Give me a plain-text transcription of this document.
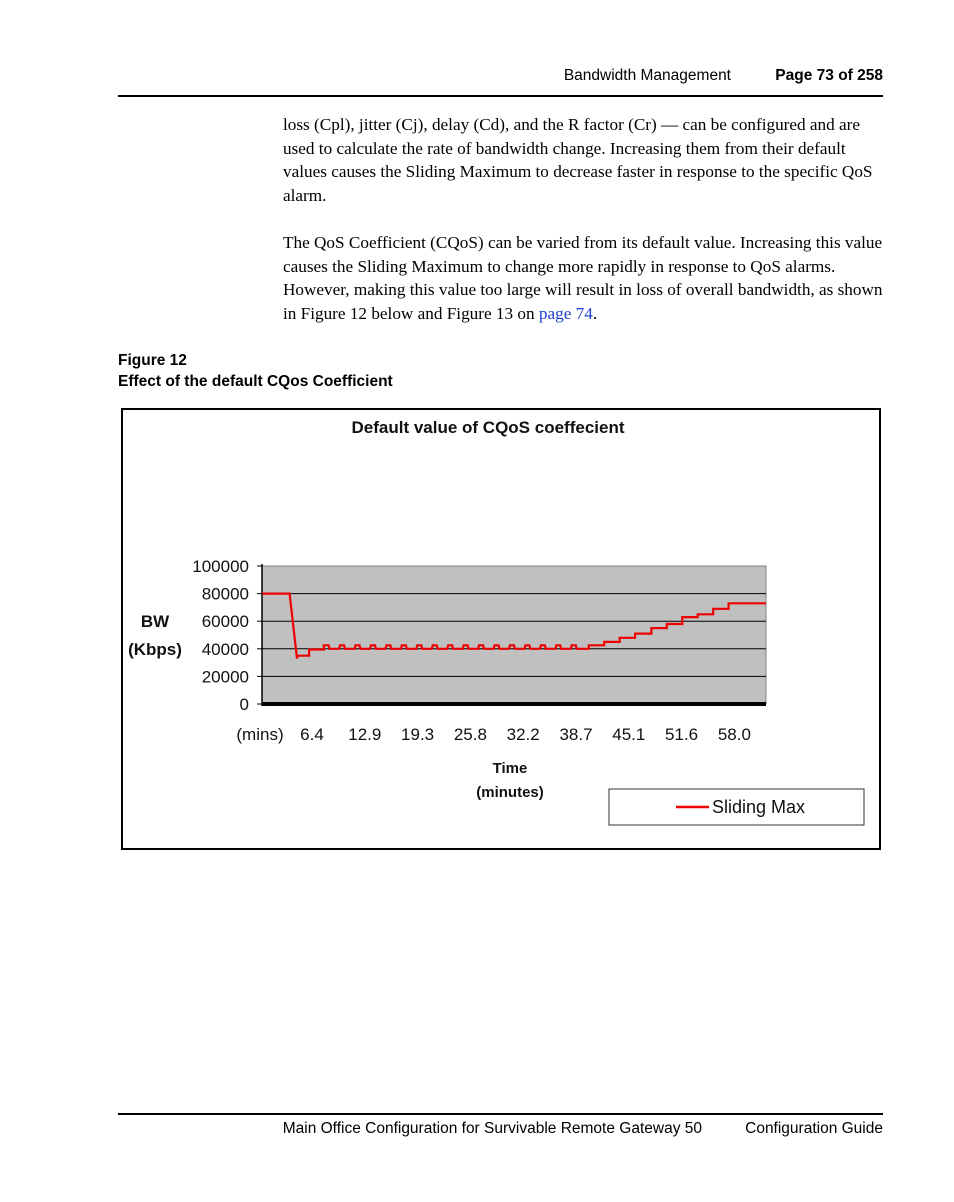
Bandwidth Management	Page 73 of 258

loss (Cpl), jitter (Cj), delay (Cd), and the R factor (Cr) — can be configured and are used to calculate the rate of bandwidth change. Increasing them from their default values causes the Sliding Maximum to decrease faster in response to the specific QoS alarm.

The QoS Coefficient (CQoS) can be varied from its default value. Increasing this value causes the Sliding Maximum to change more rapidly in response to QoS alarms. However, making this value too large will result in loss of overall bandwidth, as shown in Figure 12 below and Figure 13 on page 74.

Figure 12
Effect of the default CQos Coefficient
Default value of CQoS coeffecient
100000
80000
60000
40000
20000
0
BW
(Kbps)
(mins) 6.4 12.9 19.3 25.8 32.2 38.7 45.1 51.6 58.0
Time
(minutes)
Sliding Max
Main Office Configuration for Survivable Remote Gateway 50	Configuration Guide
